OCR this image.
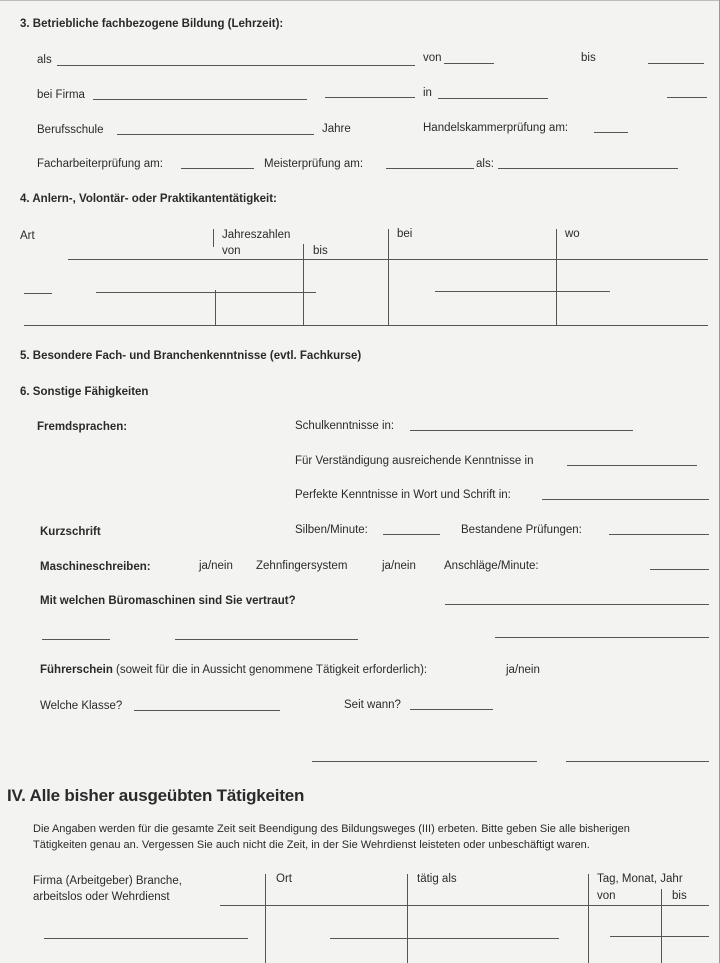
3. Betriebliche fachbezogene Bildung (Lehrzeit):
als	von	bis
bei Firma	in
Berufsschule	Jahre	Handelskammerprüfung am:
Facharbeiterprüfung am:	Meisterprüfung am:	als:
4. Anlern-, Volontär- oder Praktikantentätigkeit:
Art	Jahreszahlen
von	bis
bei	wo
5. Besondere Fach- und Branchenkenntnisse (evtl. Fachkurse)
6. Sonstige Fähigkeiten
Fremdsprachen:	Schulkenntnisse in:
Für Verständigung ausreichende Kenntnisse in
Perfekte Kenntnisse in Wort und Schrift in:
Kurzschrift	Silben/Minute:	Bestandene Prüfungen:
Maschineschreiben:	ja/nein Zehnfingersystem	ja/nein Anschläge/Minute:
Mit welchen Büromaschinen sind Sie vertraut?
Führerschein (soweit für die in Aussicht genommene Tätigkeit erforderlich):	ja/nein
Welche Klasse?	Seit wann?
IV. Alle bisher ausgeübten Tätigkeiten
Die Angaben werden für die gesamte Zeit seit Beendigung des Bildungsweges (III) erbeten. Bitte geben Sie alle bisherigen
Tätigkeiten genau an. Vergessen Sie auch nicht die Zeit, in der Sie Wehrdienst leisteten oder unbeschäftigt waren.
Firma (Arbeitgeber) Branche,
arbeitslos oder Wehrdienst
Ort	tätig als	Tag, Monat, Jahr
von	bis
